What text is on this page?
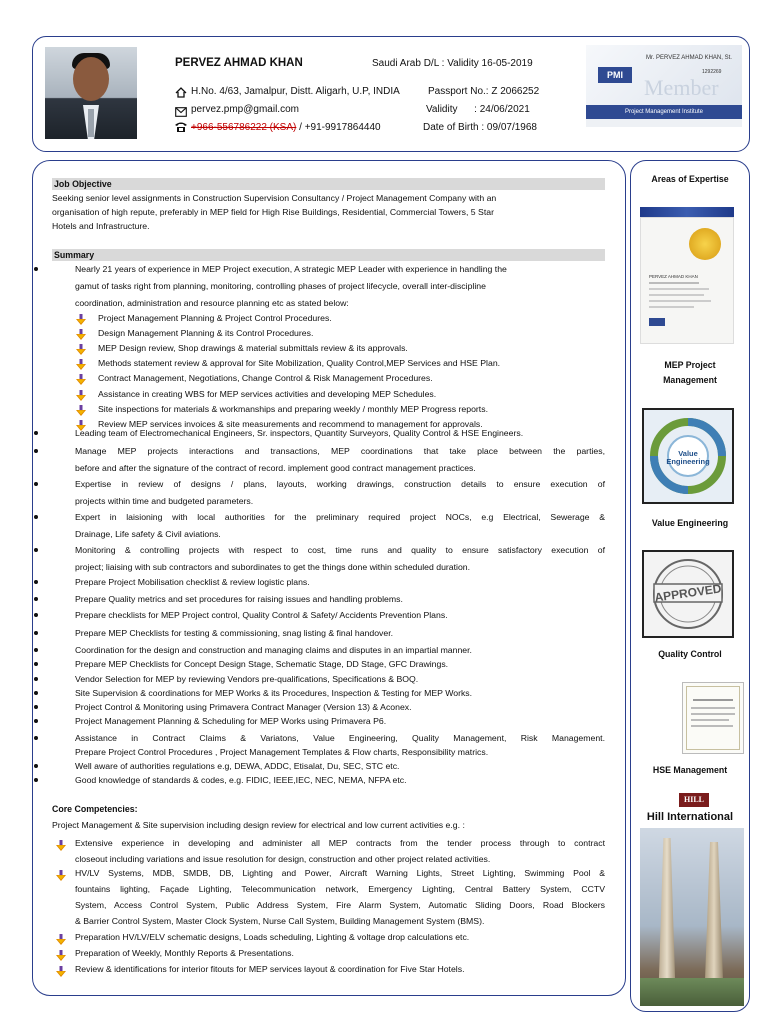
PERVEZ AHMAD KHAN	Saudi Arab D/L : Validity 16-05-2019
H.No. 4/63, Jamalpur, Distt. Aligarh, U.P, INDIA
pervez.pmp@gmail.com
+966-556786222 (KSA) / +91-9917864440
Passport No.: Z 2066252
Validity      : 24/06/2021
Date of Birth : 09/07/1968
Mr. PERVEZ AHMAD KHAN, St.
1292269
PMI Member
Project Management Institute
Job Objective
Seeking senior level assignments in Construction Supervision Consultancy / Project Management Company with an
organisation of high repute, preferably in MEP field for High Rise Buildings, Residential, Commercial Towers, 5 Star
Hotels and Infrastructure.
Summary
Nearly 21 years of experience in MEP Project execution, A strategic MEP Leader with experience in handling the
gamut of tasks right from planning, monitoring, controlling phases of project lifecycle, overall inter-discipline
coordination, administration and resource planning etc as stated below:
Project Management Planning & Project Control Procedures.
Design Management Planning & its Control Procedures.
MEP Design review, Shop drawings & material submittals review & its approvals.
Methods statement review & approval for Site Mobilization, Quality Control,MEP Services and HSE Plan.
Contract Management, Negotiations, Change Control & Risk Management Procedures.
Assistance in creating WBS for MEP services activities and developing MEP Schedules.
Site inspections for materials & workmanships and preparing weekly / monthly MEP Progress reports.
Review MEP services invoices & site measurements and recommend to management for approvals.
Leading team of Electromechanical Engineers, Sr. inspectors, Quantity Surveyors, Quality Control & HSE Engineers.
Manage MEP projects interactions and transactions, MEP coordinations that take place between the parties,
before and after the signature of the contract of record. implement good contract management practices.
Expertise in review of designs / plans, layouts, working drawings, construction details to ensure execution of
projects within time and budgeted parameters.
Expert in laisioning with local authorities for the preliminary required project NOCs, e.g Electrical, Sewerage &
Drainage, Life safety & Civil aviations.
Monitoring & controlling projects with respect to cost, time runs and quality to ensure satisfactory execution of
project; liaising with sub contractors and subordinates to get the things done within scheduled duration.
Prepare Project Mobilisation checklist & review logistic plans.
Prepare Quality metrics and set procedures for raising issues and handling problems.
Prepare checklists for MEP Project control, Quality Control & Safety/ Accidents Prevention Plans.
Prepare MEP Checklists for testing & commissioning, snag listing & final handover.
Coordination for the design and construction and managing claims and disputes in an impartial manner.
Prepare MEP Checklists for Concept Design Stage, Schematic Stage, DD Stage, GFC Drawings.
Vendor Selection for MEP by reviewing Vendors pre-qualifications, Specifications & BOQ.
Site Supervision & coordinations for MEP Works & its Procedures, Inspection & Testing for MEP Works.
Project Control & Monitoring using Primavera Contract Manager (Version 13) & Aconex.
Project Management Planning & Scheduling for MEP Works using Primavera P6.
Assistance in Contract Claims & Variatons, Value Engineering, Quality Management, Risk Management.
Prepare Project Control Procedures , Project Management Templates & Flow charts, Responsibility matrics.
Well aware of authorities regulations e.g, DEWA, ADDC, Etisalat, Du, SEC, STC etc.
Good knowledge of standards & codes, e.g. FIDIC, IEEE,IEC, NEC, NEMA, NFPA etc.
Core Competencies:
Project Management & Site supervision including design review for electrical and low current activities e.g. :
Extensive experience in developing and administer all MEP contracts from the tender process through to contract
closeout including variations and issue resolution for design, construction and other project related activities.
HV/LV Systems, MDB, SMDB, DB, Lighting and Power, Aircraft Warning Lights, Street Lighting, Swimming Pool &
fountains lighting, Façade Lighting, Telecommunication network, Emergency Lighting, Central Battery System, CCTV
System, Access Control System, Public Address System, Fire Alarm System, Automatic Sliding Doors, Road Blockers
& Barrier Control System, Master Clock System, Nurse Call System, Building Management System (BMS).
Preparation HV/LV/ELV schematic designs, Loads scheduling, Lighting & voltage drop calculations etc.
Preparation of Weekly, Monthly Reports & Presentations.
Review & identifications for interior fitouts for MEP services layout & coordination for Five Star Hotels.
Areas of Expertise
PERVEZ AHMAD KHAN
MEP Project
Management
Value Engineering
Value Engineering
APPROVED
Quality Control
HSE Management
HILL
Hill International
